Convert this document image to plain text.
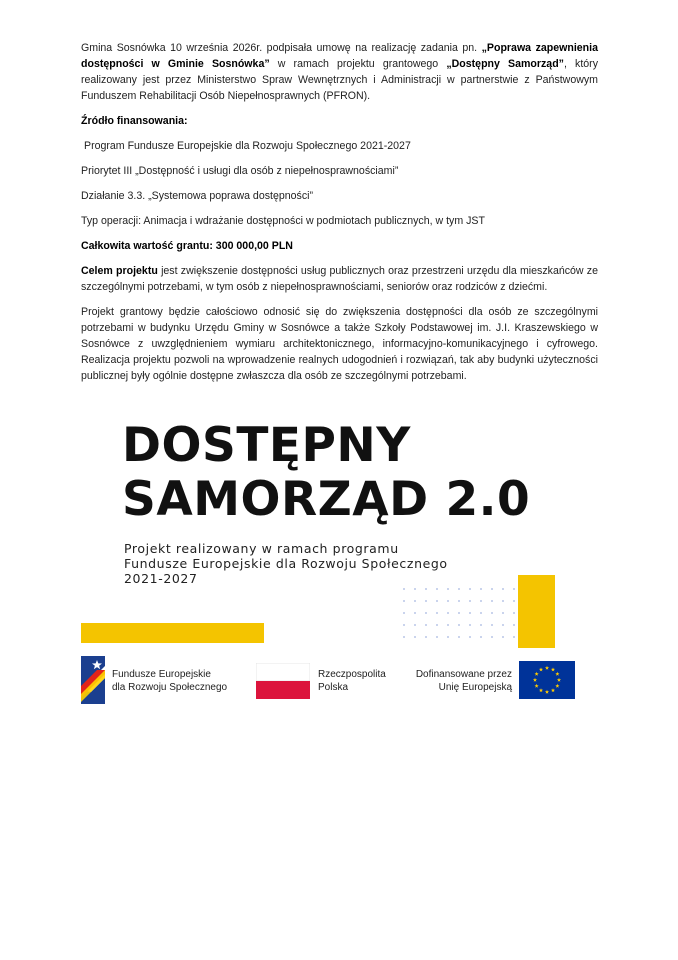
Gmina Sosnówka 10 września 2026r. podpisała umowę na realizację zadania pn. „Poprawa zapewnienia dostępności w Gminie Sosnówka” w ramach projektu grantowego „Dostępny Samorząd”, który realizowany jest przez Ministerstwo Spraw Wewnętrznych i Administracji w partnerstwie z Państwowym Funduszem Rehabilitacji Osób Niepełnosprawnych (PFRON).

Źródło finansowania:

Program Fundusze Europejskie dla Rozwoju Społecznego 2021-2027

Priorytet III „Dostępność i usługi dla osób z niepełnosprawnościami”

Działanie 3.3. „Systemowa poprawa dostępności”

Typ operacji: Animacja i wdrażanie dostępności w podmiotach publicznych, w tym JST

Całkowita wartość grantu: 300 000,00 PLN

Celem projektu jest zwiększenie dostępności usług publicznych oraz przestrzeni urzędu dla mieszkańców ze szczególnymi potrzebami, w tym osób z niepełnosprawnościami, seniorów oraz rodziców z dziećmi.

Projekt grantowy będzie całościowo odnosić się do zwiększenia dostępności dla osób ze szczególnymi potrzebami w budynku Urzędu Gminy w Sosnówce a także Szkoły Podstawowej im. J.I. Kraszewskiego w Sosnówce z uwzględnieniem wymiaru architektonicznego, informacyjno-komunikacyjnego i cyfrowego. Realizacja projektu pozwoli na wprowadzenie realnych udogodnień i rozwiązań, tak aby budynki użyteczności publicznej były ogólnie dostępne zwłaszcza dla osób ze szczególnymi potrzebami.

DOSTĘPNY
SAMORZĄD 2.0
Projekt realizowany w ramach programu
Fundusze Europejskie dla Rozwoju Społecznego
2021-2027
Fundusze Europejskie
dla Rozwoju Społecznego
Rzeczpospolita
Polska
Dofinansowane przez
Unię Europejską
